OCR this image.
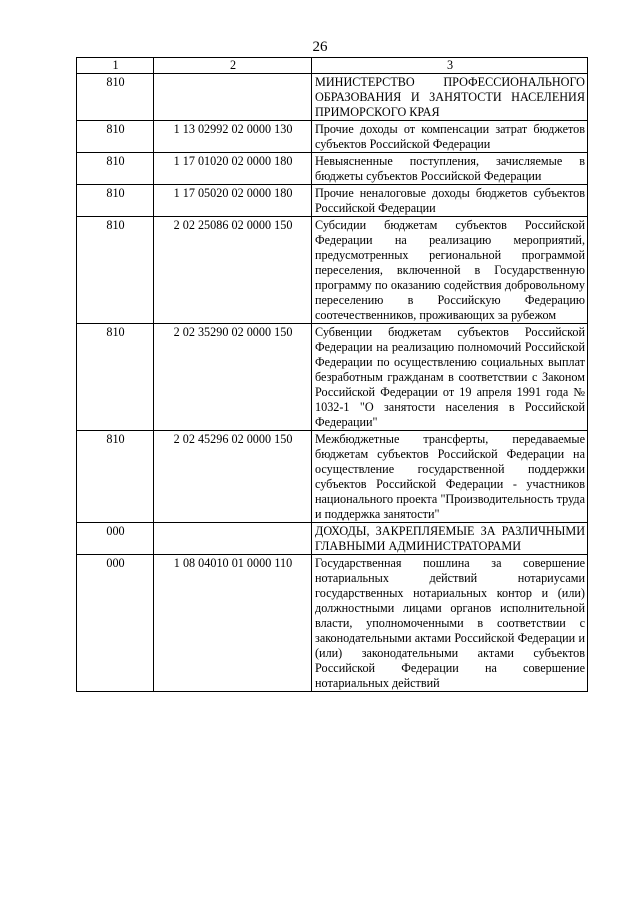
26
1	2	3
810		МИНИСТЕРСТВО ПРОФЕССИОНАЛЬНОГО ОБРАЗОВАНИЯ И ЗАНЯТОСТИ НАСЕЛЕНИЯ ПРИМОРСКОГО КРАЯ
810	1 13 02992 02 0000 130	Прочие доходы от компенсации затрат бюджетов субъектов Российской Федерации
810	1 17 01020 02 0000 180	Невыясненные поступления, зачисляемые в бюджеты субъектов Российской Федерации
810	1 17 05020 02 0000 180	Прочие неналоговые доходы бюджетов субъектов Российской Федерации
810	2 02 25086 02 0000 150	Субсидии бюджетам субъектов Российской Федерации на реализацию мероприятий, предусмотренных региональной программой переселения, включенной в Государственную программу по оказанию содействия добровольному переселению в Российскую Федерацию соотечественников, проживающих за рубежом
810	2 02 35290 02 0000 150	Субвенции бюджетам субъектов Российской Федерации на реализацию полномочий Российской Федерации по осуществлению социальных выплат безработным гражданам в соответствии с Законом Российской Федерации от 19 апреля 1991 года № 1032-1 "О занятости населения в Российской Федерации"
810	2 02 45296 02 0000 150	Межбюджетные трансферты, передаваемые бюджетам субъектов Российской Федерации на осуществление государственной поддержки субъектов Российской Федерации - участников национального проекта "Производительность труда и поддержка занятости"
000		ДОХОДЫ, ЗАКРЕПЛЯЕМЫЕ ЗА РАЗЛИЧНЫМИ ГЛАВНЫМИ АДМИНИСТРАТОРАМИ
000	1 08 04010 01 0000 110	Государственная пошлина за совершение нотариальных действий нотариусами государственных нотариальных контор и (или) должностными лицами органов исполнительной власти, уполномоченными в соответствии с законодательными актами Российской Федерации и (или) законодательными актами субъектов Российской Федерации на совершение нотариальных действий
